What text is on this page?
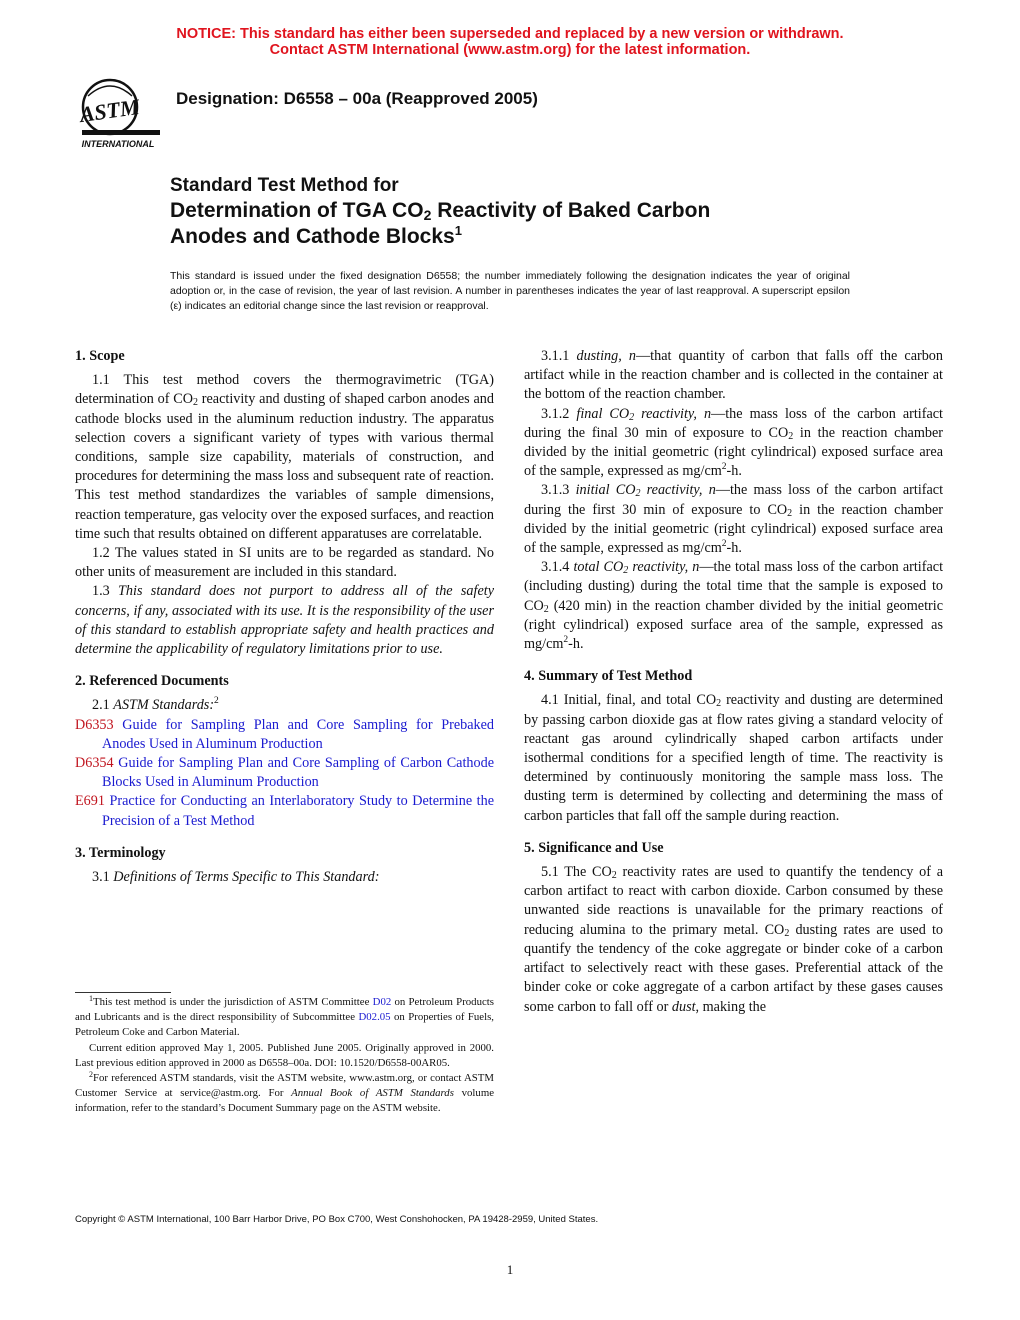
NOTICE: This standard has either been superseded and replaced by a new version or withdrawn.
Contact ASTM International (www.astm.org) for the latest information.
ASTM
INTERNATIONAL
Designation: D6558 – 00a (Reapproved 2005)
Standard Test Method for
Determination of TGA $CO_2$ Reactivity of Baked Carbon
Anodes and Cathode Blocks$^1$
This standard is issued under the fixed designation D6558; the number immediately following the designation indicates the year of original adoption or, in the case of revision, the year of last revision. A number in parentheses indicates the year of last reapproval. A superscript epsilon (ε) indicates an editorial change since the last revision or reapproval.
1. Scope

1.1 This test method covers the thermogravimetric (TGA) determination of $CO_2$ reactivity and dusting of shaped carbon anodes and cathode blocks used in the aluminum reduction industry. The apparatus selection covers a significant variety of types with various thermal conditions, sample size capability, materials of construction, and procedures for determining the mass loss and subsequent rate of reaction. This test method standardizes the variables of sample dimensions, reaction temperature, gas velocity over the exposed surfaces, and reaction time such that results obtained on different apparatuses are correlatable.

1.2 The values stated in SI units are to be regarded as standard. No other units of measurement are included in this standard.

1.3 This standard does not purport to address all of the safety concerns, if any, associated with its use. It is the responsibility of the user of this standard to establish appropriate safety and health practices and determine the applicability of regulatory limitations prior to use.

2. Referenced Documents

2.1 ASTM Standards:$^2$

D6353 Guide for Sampling Plan and Core Sampling for Prebaked Anodes Used in Aluminum Production

D6354 Guide for Sampling Plan and Core Sampling of Carbon Cathode Blocks Used in Aluminum Production

E691 Practice for Conducting an Interlaboratory Study to Determine the Precision of a Test Method

3. Terminology

3.1 Definitions of Terms Specific to This Standard:

3.1.1 dusting, n—that quantity of carbon that falls off the carbon artifact while in the reaction chamber and is collected in the container at the bottom of the reaction chamber.

3.1.2 final $CO_2$ reactivity, n—the mass loss of the carbon artifact during the final 30 min of exposure to $CO_2$ in the reaction chamber divided by the initial geometric (right cylindrical) exposed surface area of the sample, expressed as $mg/cm^2-h$.

3.1.3 initial $CO_2$ reactivity, n—the mass loss of the carbon artifact during the first 30 min of exposure to $CO_2$ in the reaction chamber divided by the initial geometric (right cylindrical) exposed surface area of the sample, expressed as $mg/cm^2-h$.

3.1.4 total $CO_2$ reactivity, n—the total mass loss of the carbon artifact (including dusting) during the total time that the sample is exposed to $CO_2$ (420 min) in the reaction chamber divided by the initial geometric (right cylindrical) exposed surface area of the sample, expressed as $mg/cm^2-h$.

4. Summary of Test Method

4.1 Initial, final, and total $CO_2$ reactivity and dusting are determined by passing carbon dioxide gas at flow rates giving a standard velocity of reactant gas around cylindrically shaped carbon artifacts under isothermal conditions for a specified length of time. The reactivity is determined by continuously monitoring the sample mass loss. The dusting term is determined by collecting and determining the mass of carbon particles that fall off the sample during reaction.

5. Significance and Use

5.1 The $CO_2$ reactivity rates are used to quantify the tendency of a carbon artifact to react with carbon dioxide. Carbon consumed by these unwanted side reactions is unavailable for the primary reactions of reducing alumina to the primary metal. $CO_2$ dusting rates are used to quantify the tendency of the coke aggregate or binder coke of a carbon artifact to selectively react with these gases. Preferential attack of the binder coke or coke aggregate of a carbon artifact by these gases causes some carbon to fall off or dust, making the

$^1$This test method is under the jurisdiction of ASTM Committee D02 on Petroleum Products and Lubricants and is the direct responsibility of Subcommittee D02.05 on Properties of Fuels, Petroleum Coke and Carbon Material.

Current edition approved May 1, 2005. Published June 2005. Originally approved in 2000. Last previous edition approved in 2000 as D6558–00a. DOI: 10.1520/D6558-00AR05.

$^2$For referenced ASTM standards, visit the ASTM website, www.astm.org, or contact ASTM Customer Service at service@astm.org. For Annual Book of ASTM Standards volume information, refer to the standard’s Document Summary page on the ASTM website.

Copyright © ASTM International, 100 Barr Harbor Drive, PO Box C700, West Conshohocken, PA 19428-2959, United States.
1
